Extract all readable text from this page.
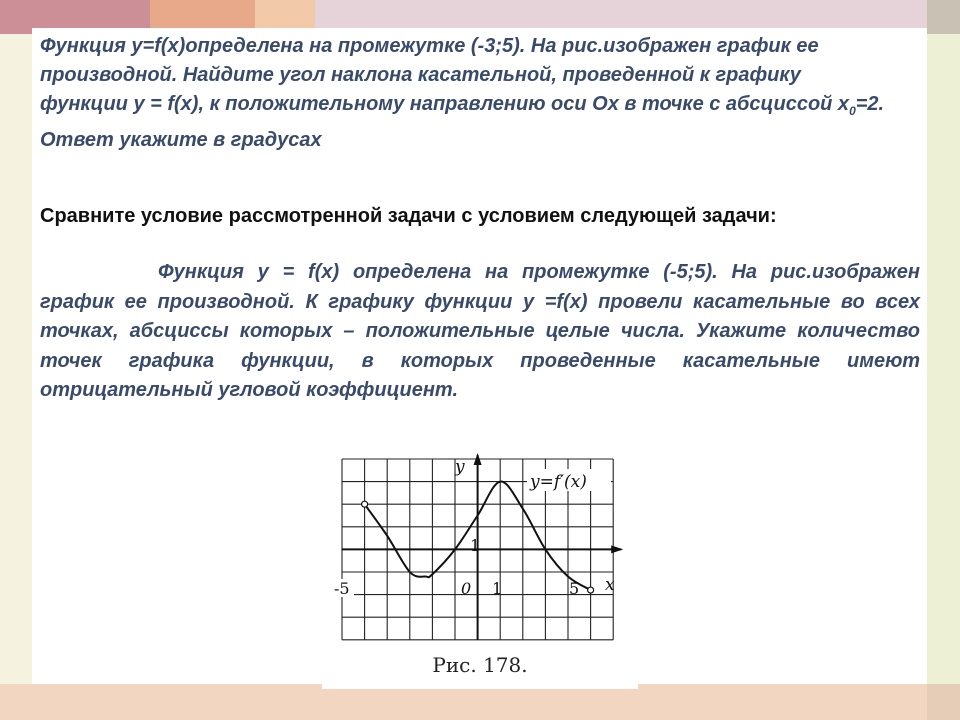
Функция y=f(x)определена на промежутке (-3;5). На рис.изображен график ее производной. Найдите угол наклона касательной, проведенной к графику функции y = f(x), к положительному направлению оси Ox в точке с абсциссой $x_0=2$. Ответ укажите в градусах

Сравните условие рассмотренной задачи с условием следующей задачи:

Функция y = f(x) определена на промежутке (-5;5). На рис.изображен график ее производной. К графику функции y =f(x) провели касательные во всех точках, абсциссы которых – положительные целые числа. Укажите количество точек графика функции, в которых проведенные касательные имеют отрицательный угловой коэффициент.

y
x
y=f′(x)
-5	0 1	5
1
Рис. 178.
